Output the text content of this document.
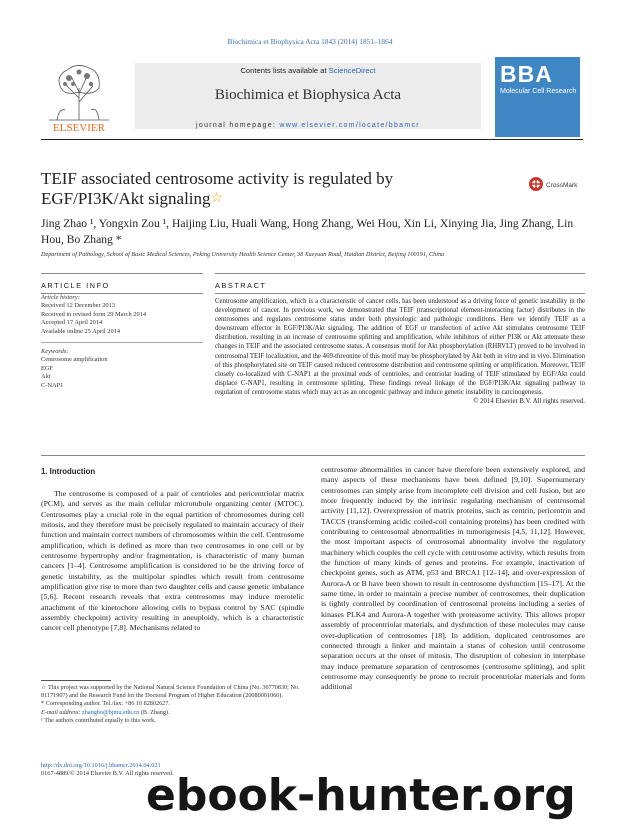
Biochimica et Biophysica Acta 1843 (2014) 1851–1864
ELSEVIER
Contents lists available at ScienceDirect
Biochimica et Biophysica Acta
journal homepage: www.elsevier.com/locate/bbamcr
BBA
Molecular Cell Research
TEIF associated centrosome activity is regulated by
EGF/PI3K/Akt signaling☆
CrossMark
Jing Zhao ¹, Yongxin Zou ¹, Haijing Liu, Huali Wang, Hong Zhang, Wei Hou, Xin Li, Xinying Jia, Jing Zhang, Lin Hou, Bo Zhang *
Department of Pathology, School of Basic Medical Sciences, Peking University Health Science Center, 38 Xueyuan Road, Haidian District, Beijing 100191, China
ARTICLE INFO	ABSTRACT
Article history:
Received 12 December 2013
Received in revised form 29 March 2014
Accepted 17 April 2014
Available online 25 April 2014
Keywords:
Centrosome amplification
EGF
Akt
C-NAP1
Centrosome amplification, which is a characteristic of cancer cells, has been understood as a driving force of genetic instability in the development of cancer. In previous work, we demonstrated that TEIF (transcriptional element-interacting factor) distributes in the centrosomes and regulates centrosome status under both physiologic and pathologic conditions. Here we identify TEIF as a downstream effector in EGF/PI3K/Akt signaling. The addition of EGF or transfection of active Akt stimulates centrosome TEIF distribution, resulting in an increase of centrosome splitting and amplification, while inhibitors of either PI3K or Akt attenuate these changes in TEIF and the associated centrosome status. A consensus motif for Akt phosphorylation (RHRVLT) proved to be involved in centrosomal TEIF localization, and the 469-threonine of this motif may be phosphorylated by Akt both in vitro and in vivo. Elimination of this phosphorylated site on TEIF caused reduced centrosome distribution and centrosome splitting or amplification. Moreover, TEIF closely co-localized with C-NAP1 at the proximal ends of centrioles, and centriolar loading of TEIF stimulated by EGF/Akt could displace C-NAP1, resulting in centrosome splitting. These findings reveal linkage of the EGF/PI3K/Akt signaling pathway to regulation of centrosome status which may act as an oncogenic pathway and induce genetic instability in carcinogenesis.
© 2014 Elsevier B.V. All rights reserved.
1. Introduction

The centrosome is composed of a pair of centrioles and pericentriolar matrix (PCM), and serves as the main cellular microtubule organizing center (MTOC). Centrosomes play a crucial role in the equal partition of chromosomes during cell mitosis, and they therefore must be precisely regulated to maintain accuracy of their function and maintain correct numbers of chromosomes within the cell. Centrosome amplification, which is defined as more than two centrosomes in one cell or by centrosome hypertrophy and/or fragmentation, is characteristic of many human cancers [1–4]. Centrosome amplification is considered to be the driving force of genetic instability, as the multipolar spindles which result from centrosome amplification give rise to more than two daughter cells and cause genetic imbalance [5,6]. Recent research reveals that extra centrosomes may induce merotelic attachment of the kinetochore allowing cells to bypass control by SAC (spindle assembly checkpoint) activity resulting in aneuploidy, which is a characteristic cancer cell phenotype [7,8]. Mechanisms related to

centrosome abnormalities in cancer have therefore been extensively explored, and many aspects of these mechanisms have been defined [9,10]. Supernumerary centrosomes can simply arise from incomplete cell division and cell fusion, but are more frequently induced by the intrinsic regulating mechanism of centrosomal activity [11,12]. Overexpression of matrix proteins, such as centrin, pericentrin and TACCS (transforming acidic coiled-coil containing proteins) has been credited with contributing to centrosomal abnormalities in tumorigenesis [4,5, 11,12]. However, the most important aspects of centrosomal abnormality involve the regulatory machinery which couples the cell cycle with centrosome activity, which results from the function of many kinds of genes and proteins. For example, inactivation of checkpoint genes, such as ATM, p53 and BRCA1 [12–14], and over-expression of Aurora-A or B have been shown to result in centrosome dysfunction [15–17]. At the same time, in order to maintain a precise number of centrosomes, their duplication is tightly controlled by coordination of centrosomal proteins including a series of kinases PLK4 and Aurora-A together with proteasome activity. This allows proper assembly of procentriolar materials, and dysfunction of these molecules may cause over-duplication of centrosomes [18]. In addition, duplicated centrosomes are connected through a linker and maintain a status of cohesion until centrosome separation occurs at the onset of mitosis. The disruption of cohesion in interphase may induce premature separation of centrosomes (centrosome splitting), and split centrosome may consequently be prone to recruit procentriolar materials and form additional

☆ This project was supported by the National Natural Science Foundation of China (No. 30770830; No. 81171907) and the Research Fund for the Doctoral Program of Higher Education (20080001060).
* Corresponding author. Tel./fax: +86 10 82802627.
E-mail address: zhangbo@bjmu.edu.cn (B. Zhang).
¹ The authors contributed equally to this work.
http://dx.doi.org/10.1016/j.bbamcr.2014.04.021
0167-4889/© 2014 Elsevier B.V. All rights reserved.
ebook-hunter.org
